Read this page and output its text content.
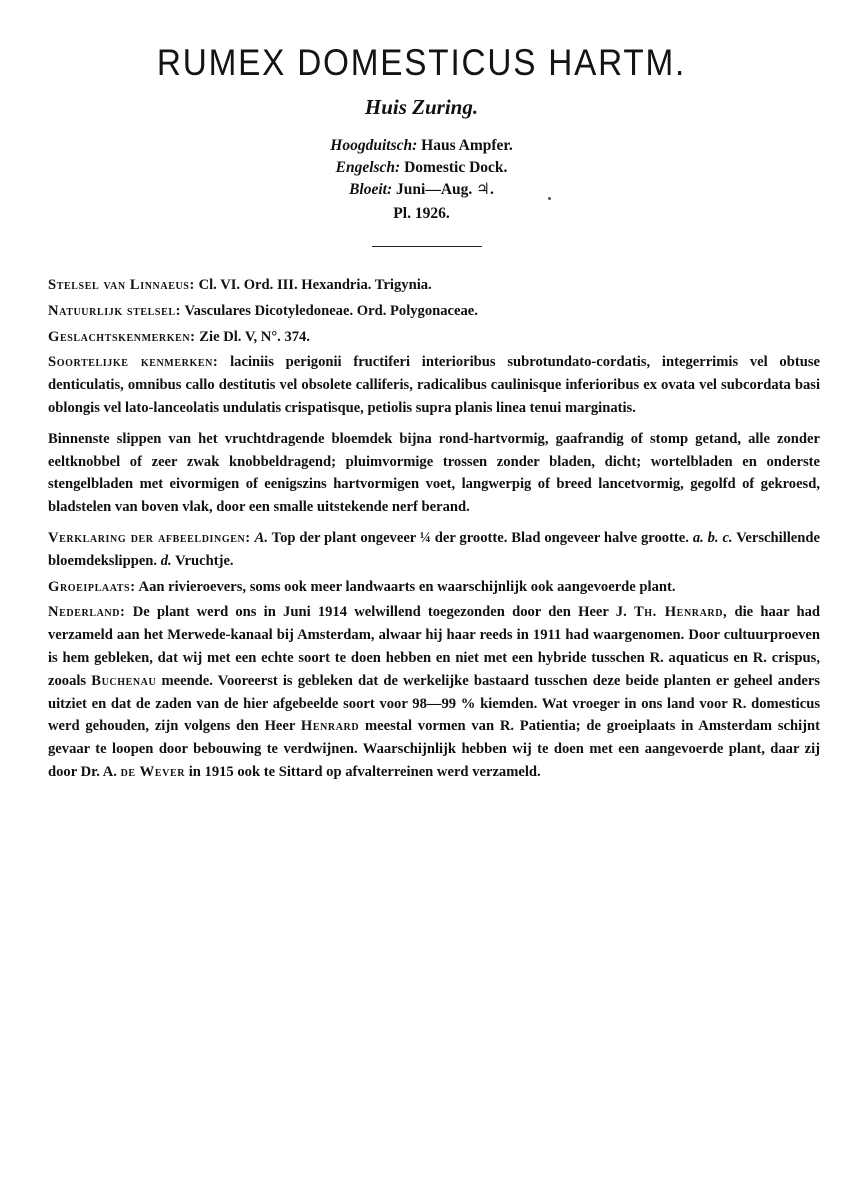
RUMEX DOMESTICUS HARTM.
Huis Zuring.
Hoogduitsch: Haus Ampfer.
Engelsch: Domestic Dock.
Bloeit: Juni—Aug. ♃.
Pl. 1926.

Stelsel van Linnaeus: Cl. VI. Ord. III. Hexandria. Trigynia.

Natuurlijk stelsel: Vasculares Dicotyledoneae. Ord. Polygonaceae.

Geslachtskenmerken: Zie Dl. V, N°. 374.

Soortelijke kenmerken: laciniis perigonii fructiferi interioribus subrotundato-cordatis, integerrimis vel obtuse denticulatis, omnibus callo destitutis vel obsolete calliferis, radicalibus caulinisque inferioribus ex ovata vel subcordata basi oblongis vel lato-lanceolatis undulatis crispatisque, petiolis supra planis linea tenui marginatis.

Binnenste slippen van het vruchtdragende bloemdek bijna rond-hartvormig, gaafrandig of stomp getand, alle zonder eeltknobbel of zeer zwak knobbeldragend; pluimvormige trossen zonder bladen, dicht; wortelbladen en onderste stengelbladen met eivormigen of eenigszins hartvormigen voet, langwerpig of breed lancetvormig, gegolfd of gekroesd, bladstelen van boven vlak, door een smalle uitstekende nerf berand.

Verklaring der afbeeldingen: A. Top der plant ongeveer ¼ der grootte. Blad ongeveer halve grootte. a. b. c. Verschillende bloemdekslippen. d. Vruchtje.

Groeiplaats: Aan rivieroevers, soms ook meer landwaarts en waarschijnlijk ook aangevoerde plant.

Nederland: De plant werd ons in Juni 1914 welwillend toegezonden door den Heer J. Th. Henrard, die haar had verzameld aan het Merwede-kanaal bij Amsterdam, alwaar hij haar reeds in 1911 had waargenomen. Door cultuurproeven is hem gebleken, dat wij met een echte soort te doen hebben en niet met een hybride tusschen R. aquaticus en R. crispus, zooals Buchenau meende. Vooreerst is gebleken dat de werkelijke bastaard tusschen deze beide planten er geheel anders uitziet en dat de zaden van de hier afgebeelde soort voor 98—99 % kiemden. Wat vroeger in ons land voor R. domesticus werd gehouden, zijn volgens den Heer Henrard meestal vormen van R. Patientia; de groeiplaats in Amsterdam schijnt gevaar te loopen door bebouwing te verdwijnen. Waarschijnlijk hebben wij te doen met een aangevoerde plant, daar zij door Dr. A. de Wever in 1915 ook te Sittard op afvalterreinen werd verzameld.
